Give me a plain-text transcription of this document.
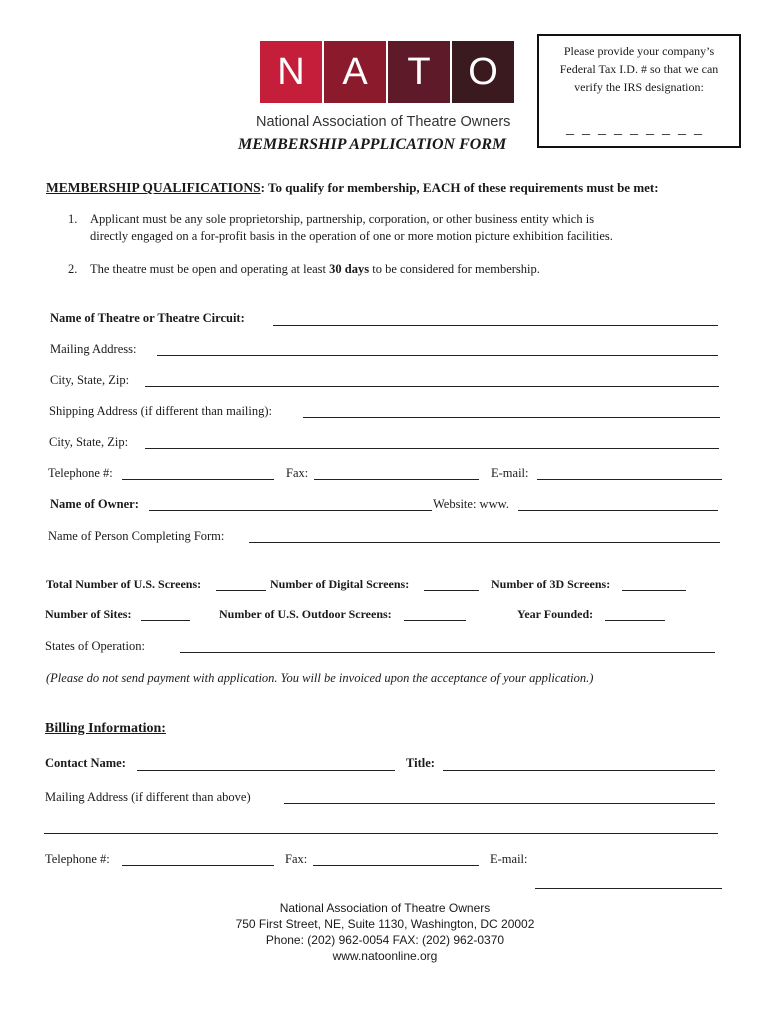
N A	T O
National Association of Theatre Owners
Please provide your company’s
Federal Tax I.D. # so that we can
verify the IRS designation:
_ _ _ _ _ _ _ _ _
MEMBERSHIP APPLICATION FORM
MEMBERSHIP QUALIFICATIONS: To qualify for membership, EACH of these requirements must be met:
1. Applicant must be any sole proprietorship, partnership, corporation, or other business entity which is
directly engaged on a for-profit basis in the operation of one or more motion picture exhibition facilities.
2. The theatre must be open and operating at least 30 days to be considered for membership.
Name of Theatre or Theatre Circuit:
Mailing Address:
City, State, Zip:
Shipping Address (if different than mailing):
City, State, Zip:
Telephone #:	Fax:	E-mail:
Name of Owner:	Website: www.
Name of Person Completing Form:
Total Number of U.S. Screens:	Number of Digital Screens:	Number of 3D Screens:
Number of Sites:	Number of U.S. Outdoor Screens:	Year Founded:
States of Operation:
(Please do not send payment with application. You will be invoiced upon the acceptance of your application.)
Billing Information:
Contact Name:	Title:
Mailing Address (if different than above)
Telephone #:	Fax:	E-mail:
National Association of Theatre Owners
750 First Street, NE, Suite 1130, Washington, DC 20002
Phone: (202) 962-0054 FAX: (202) 962-0370
www.natoonline.org
